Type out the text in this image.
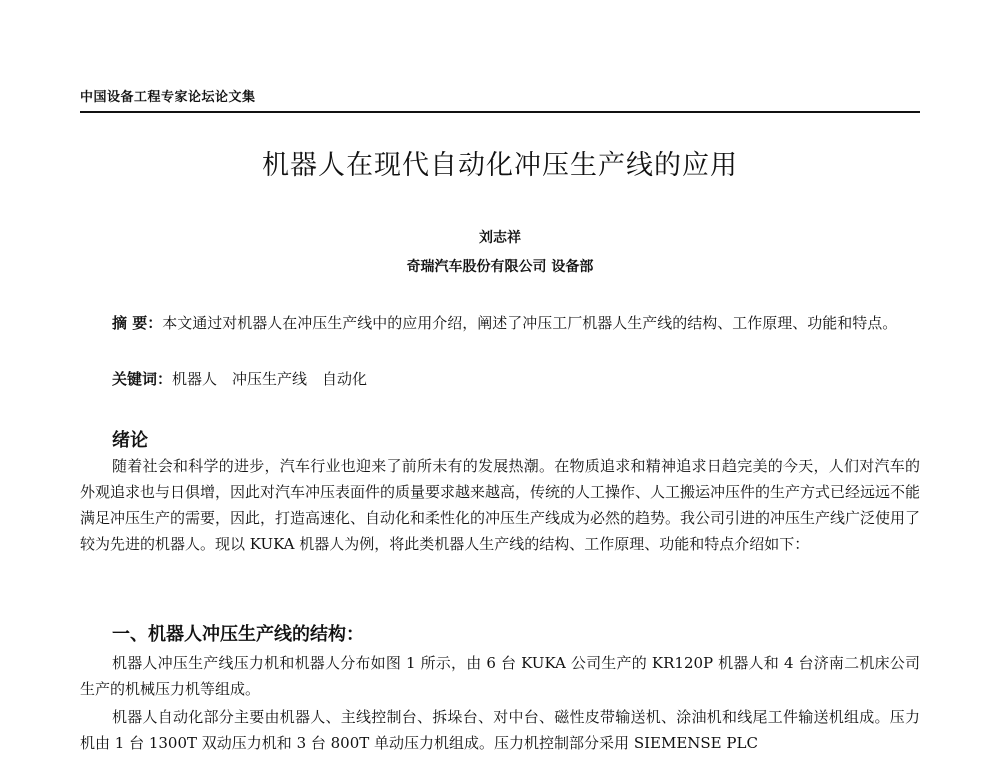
中国设备工程专家论坛论文集
机器人在现代自动化冲压生产线的应用
刘志祥
奇瑞汽车股份有限公司 设备部
摘 要：本文通过对机器人在冲压生产线中的应用介绍，阐述了冲压工厂机器人生产线的结构、工作原理、功能和特点。
关键词：机器人　冲压生产线　自动化
绪论
随着社会和科学的进步，汽车行业也迎来了前所未有的发展热潮。在物质追求和精神追求日趋完美的今天，人们对汽车的外观追求也与日俱增，因此对汽车冲压表面件的质量要求越来越高，传统的人工操作、人工搬运冲压件的生产方式已经远远不能满足冲压生产的需要，因此，打造高速化、自动化和柔性化的冲压生产线成为必然的趋势。我公司引进的冲压生产线广泛使用了较为先进的机器人。现以 KUKA 机器人为例，将此类机器人生产线的结构、工作原理、功能和特点介绍如下：
一、机器人冲压生产线的结构：
机器人冲压生产线压力机和机器人分布如图 1 所示，由 6 台 KUKA 公司生产的 KR120P 机器人和 4 台济南二机床公司生产的机械压力机等组成。
机器人自动化部分主要由机器人、主线控制台、拆垛台、对中台、磁性皮带输送机、涂油机和线尾工件输送机组成。压力机由 1 台 1300T 双动压力机和 3 台 800T 单动压力机组成。压力机控制部分采用 SIEMENSE PLC
